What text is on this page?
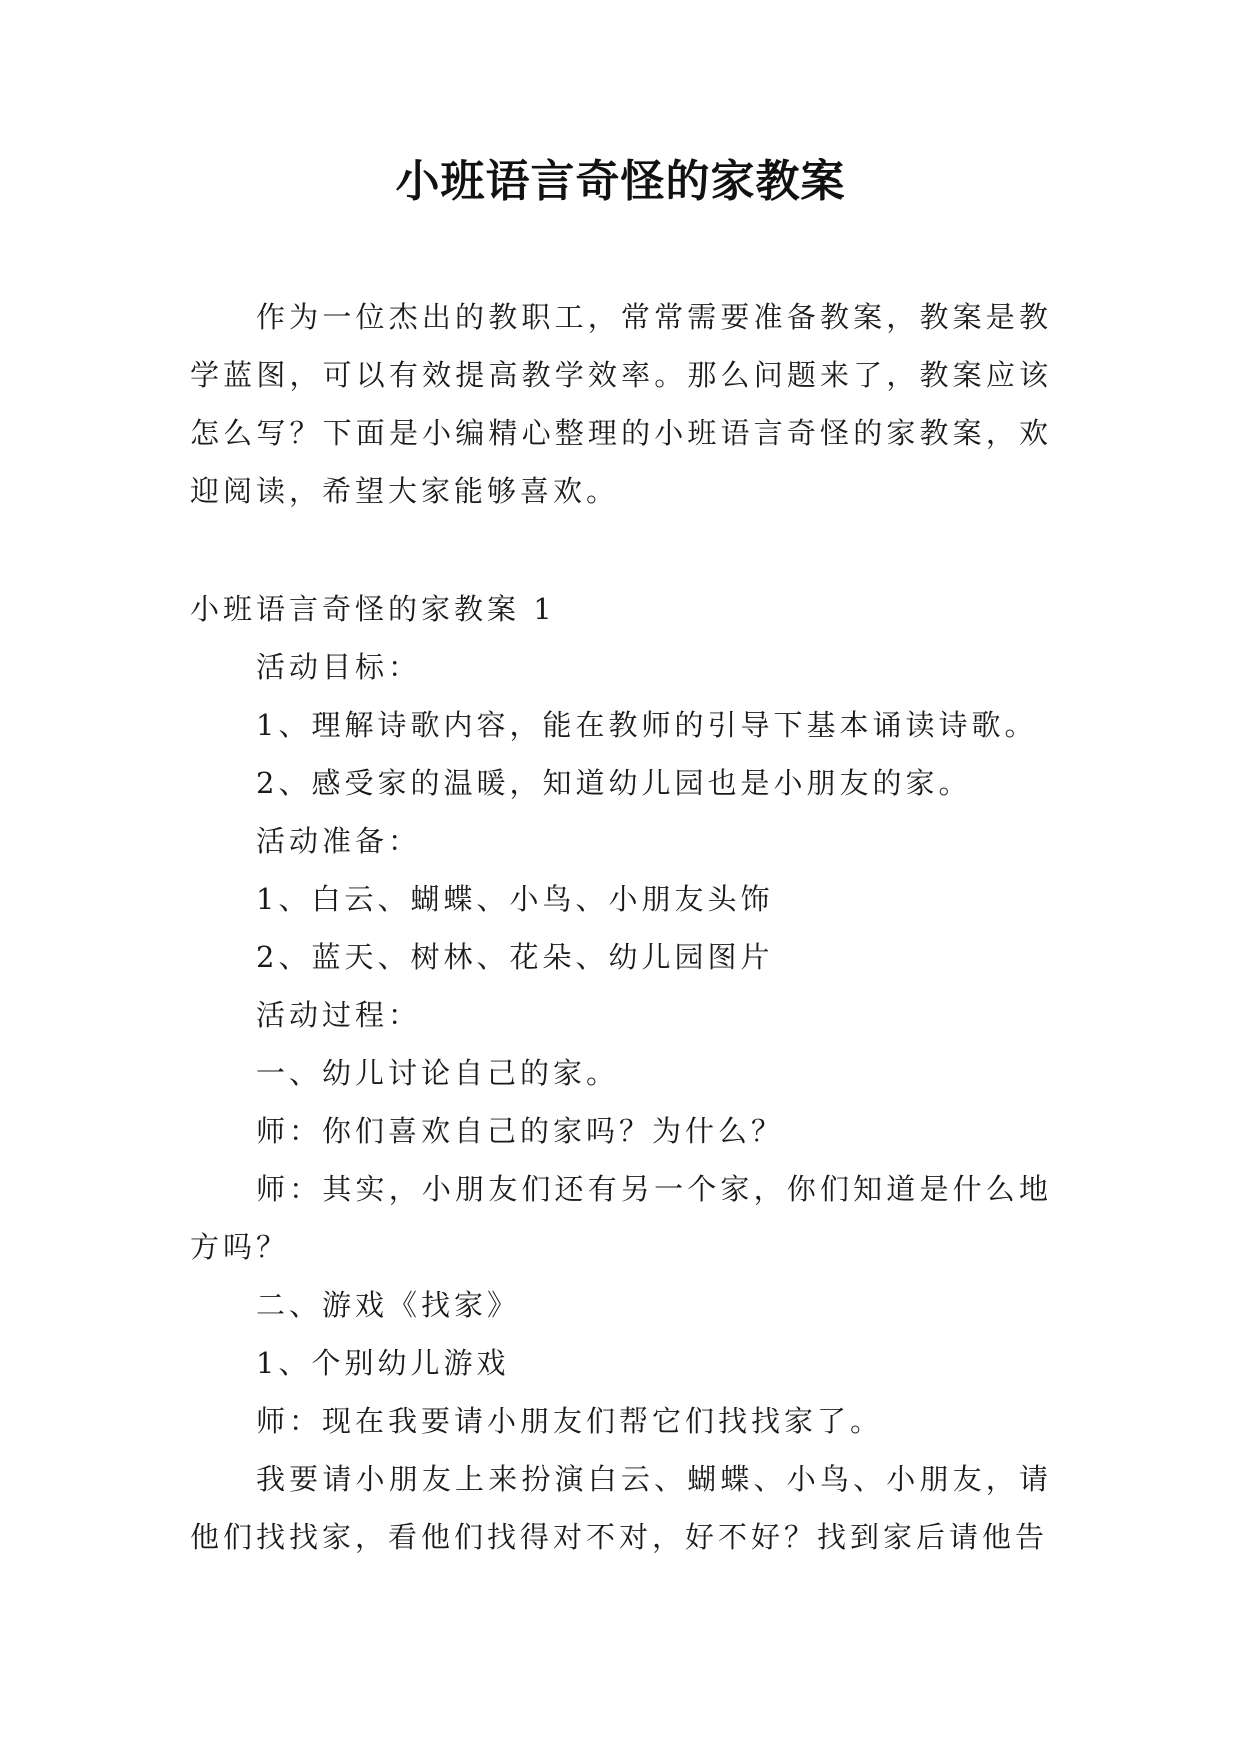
小班语言奇怪的家教案

作为一位杰出的教职工，常常需要准备教案，教案是教学蓝图，可以有效提高教学效率。那么问题来了，教案应该怎么写？下面是小编精心整理的小班语言奇怪的家教案，欢迎阅读，希望大家能够喜欢。

小班语言奇怪的家教案 1

活动目标：

1、理解诗歌内容，能在教师的引导下基本诵读诗歌。

2、感受家的温暖，知道幼儿园也是小朋友的家。

活动准备：

1、白云、蝴蝶、小鸟、小朋友头饰

2、蓝天、树林、花朵、幼儿园图片

活动过程：

一、幼儿讨论自己的家。

师：你们喜欢自己的家吗？为什么？

师：其实，小朋友们还有另一个家，你们知道是什么地方吗？

二、游戏《找家》

1、个别幼儿游戏

师：现在我要请小朋友们帮它们找找家了。

我要请小朋友上来扮演白云、蝴蝶、小鸟、小朋友，请他们找找家，看他们找得对不对，好不好？找到家后请他告
